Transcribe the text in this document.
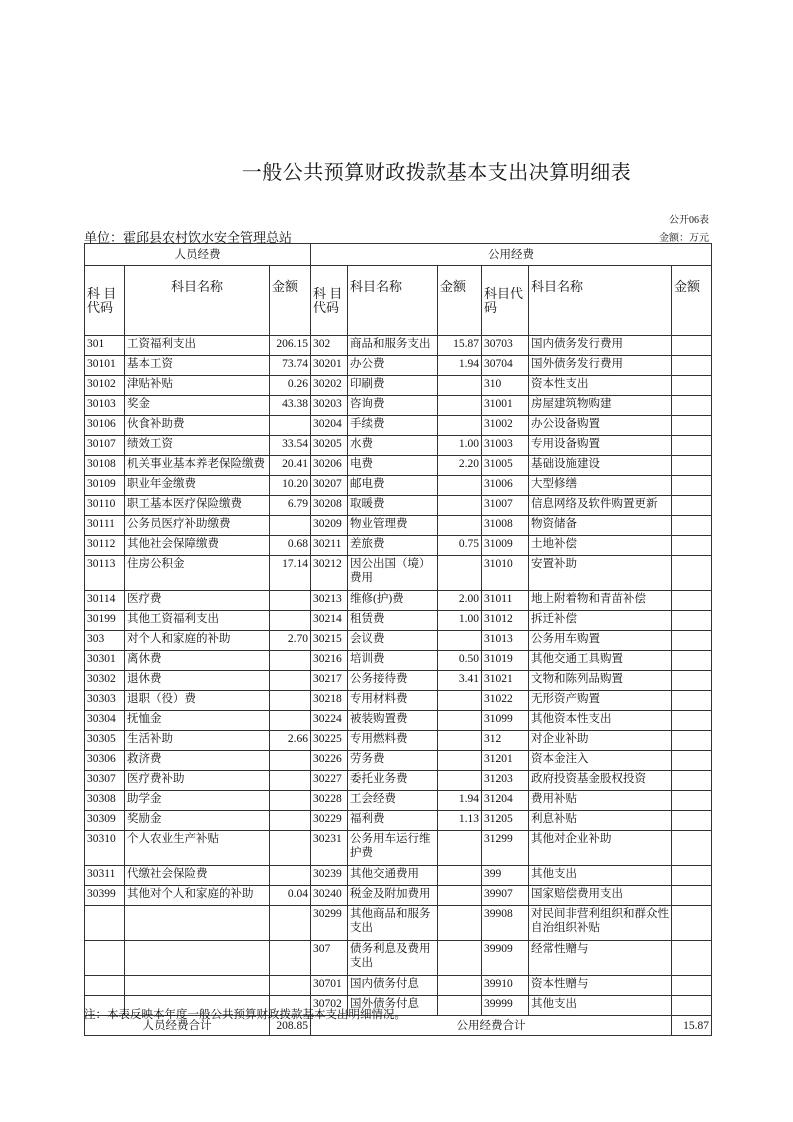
一般公共预算财政拨款基本支出决算明细表
公开06表
单位：霍邱县农村饮水安全管理总站	金额：万元
人员经费			公用经费					
科 目代码	科目名称	金额	科 目代码	科目名称	金额	科目代码	科目名称	金额
301	工资福利支出	206.15	302	商品和服务支出	15.87	30703	国内债务发行费用	
30101	基本工资	73.74	30201	办公费	1.94	30704	国外债务发行费用	
30102	津贴补贴	0.26	30202	印刷费		310	资本性支出	
30103	奖金	43.38	30203	咨询费		31001	房屋建筑物购建	
30106	伙食补助费		30204	手续费		31002	办公设备购置	
30107	绩效工资	33.54	30205	水费	1.00	31003	专用设备购置	
30108	机关事业基本养老保险缴费	20.41	30206	电费	2.20	31005	基础设施建设	
30109	职业年金缴费	10.20	30207	邮电费		31006	大型修缮	
30110	职工基本医疗保险缴费	6.79	30208	取暖费		31007	信息网络及软件购置更新	
30111	公务员医疗补助缴费		30209	物业管理费		31008	物资储备	
30112	其他社会保障缴费	0.68	30211	差旅费	0.75	31009	土地补偿	
30113	住房公积金	17.14	30212	因公出国（境）费用		31010	安置补助	
30114	医疗费		30213	维修(护)费	2.00	31011	地上附着物和青苗补偿	
30199	其他工资福利支出		30214	租赁费	1.00	31012	拆迁补偿	
303	对个人和家庭的补助	2.70	30215	会议费		31013	公务用车购置	
30301	离休费		30216	培训费	0.50	31019	其他交通工具购置	
30302	退休费		30217	公务接待费	3.41	31021	文物和陈列品购置	
30303	退职（役）费		30218	专用材料费		31022	无形资产购置	
30304	抚恤金		30224	被装购置费		31099	其他资本性支出	
30305	生活补助	2.66	30225	专用燃料费		312	对企业补助	
30306	救济费		30226	劳务费		31201	资本金注入	
30307	医疗费补助		30227	委托业务费		31203	政府投资基金股权投资	
30308	助学金		30228	工会经费	1.94	31204	费用补贴	
30309	奖励金		30229	福利费	1.13	31205	利息补贴	
30310	个人农业生产补贴		30231	公务用车运行维护费		31299	其他对企业补助	
30311	代缴社会保险费		30239	其他交通费用		399	其他支出	
30399	其他对个人和家庭的补助	0.04	30240	税金及附加费用		39907	国家赔偿费用支出	
			30299	其他商品和服务支出		39908	对民间非营利组织和群众性自治组织补贴	
			307	债务利息及费用支出		39909	经常性赠与	
			30701	国内债务付息		39910	资本性赠与	
			30702	国外债务付息		39999	其他支出	
人员经费合计		208.85	公用经费合计					15.87
注：本表反映本年度一般公共预算财政拨款基本支出明细情况。
